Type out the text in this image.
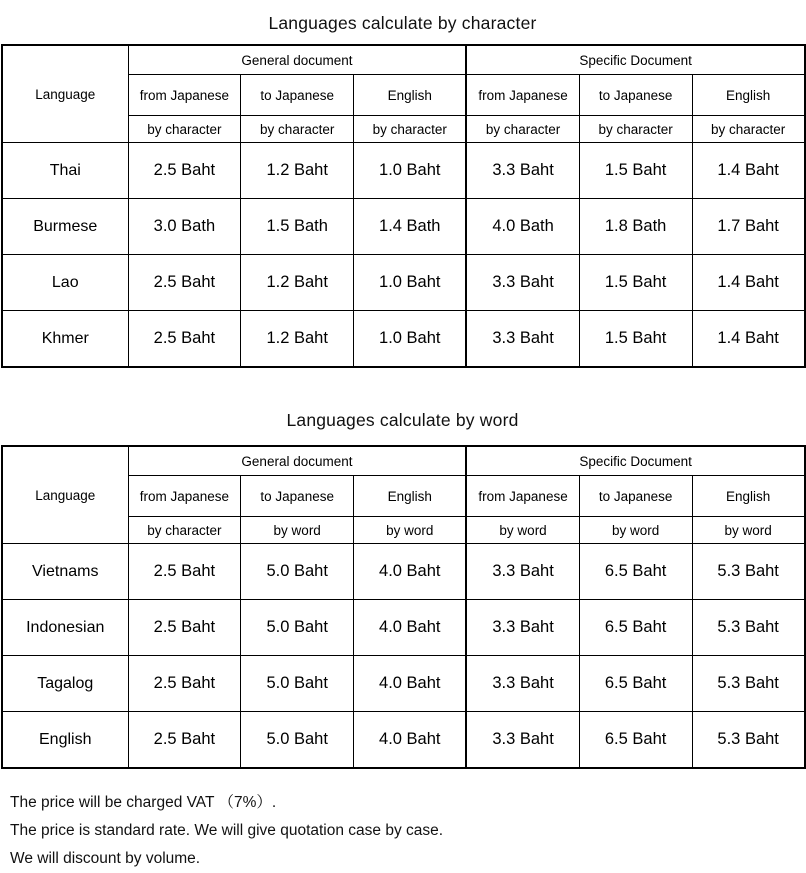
Languages calculate by character
Language	General document			Specific Document		
	from Japanese	to Japanese	English	from Japanese	to Japanese	English
	by character	by character	by character	by character	by character	by character
Thai	2.5 Baht	1.2 Baht	1.0 Baht	3.3 Baht	1.5 Baht	1.4 Baht
Burmese	3.0 Bath	1.5 Bath	1.4 Bath	4.0 Bath	1.8 Bath	1.7 Baht
Lao	2.5 Baht	1.2 Baht	1.0 Baht	3.3 Baht	1.5 Baht	1.4 Baht
Khmer	2.5 Baht	1.2 Baht	1.0 Baht	3.3 Baht	1.5 Baht	1.4 Baht
Languages calculate by word
Language	General document			Specific Document		
	from Japanese	to Japanese	English	from Japanese	to Japanese	English
	by character	by word	by word	by word	by word	by word
Vietnams	2.5 Baht	5.0 Baht	4.0 Baht	3.3 Baht	6.5 Baht	5.3 Baht
Indonesian	2.5 Baht	5.0 Baht	4.0 Baht	3.3 Baht	6.5 Baht	5.3 Baht
Tagalog	2.5 Baht	5.0 Baht	4.0 Baht	3.3 Baht	6.5 Baht	5.3 Baht
English	2.5 Baht	5.0 Baht	4.0 Baht	3.3 Baht	6.5 Baht	5.3 Baht
The price will be charged VAT （7%）.
The price is standard rate. We will give quotation case by case.
We will discount by volume.
